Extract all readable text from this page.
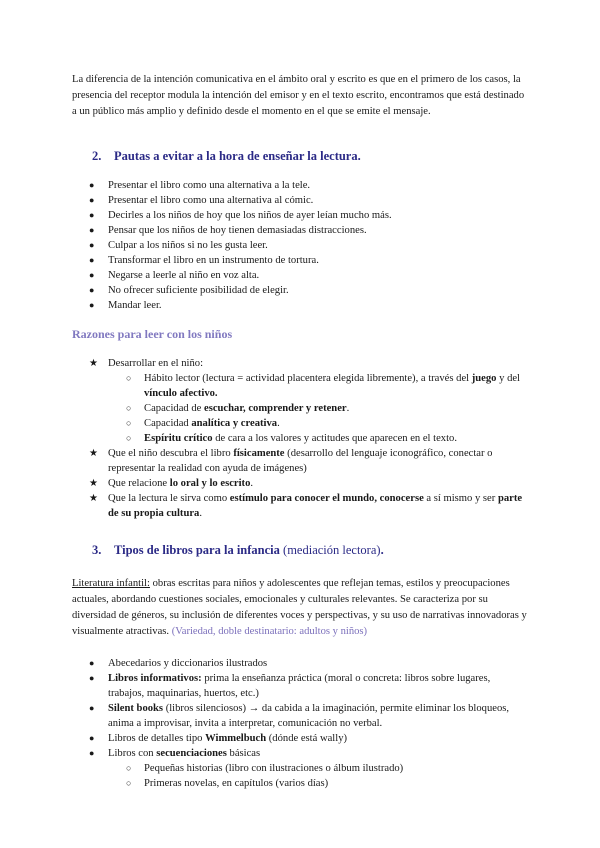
La diferencia de la intención comunicativa en el ámbito oral y escrito es que en el primero de los casos, la presencia del receptor modula la intención del emisor y en el texto escrito, encontramos que está destinado a un público más amplio y definido desde el momento en el que se emite el mensaje.

2. Pautas a evitar a la hora de enseñar la lectura.
● Presentar el libro como una alternativa a la tele.
● Presentar el libro como una alternativa al cómic.
● Decirles a los niños de hoy que los niños de ayer leían mucho más.
● Pensar que los niños de hoy tienen demasiadas distracciones.
● Culpar a los niños si no les gusta leer.
● Transformar el libro en un instrumento de tortura.
● Negarse a leerle al niño en voz alta.
● No ofrecer suficiente posibilidad de elegir.
● Mandar leer.
Razones para leer con los niños
★ Desarrollar en el niño:
○ Hábito lector (lectura = actividad placentera elegida libremente), a través del juego y del vínculo afectivo.
○ Capacidad de escuchar, comprender y retener.
○ Capacidad analítica y creativa.
○ Espíritu crítico de cara a los valores y actitudes que aparecen en el texto.
★ Que el niño descubra el libro físicamente (desarrollo del lenguaje iconográfico, conectar o representar la realidad con ayuda de imágenes)
★ Que relacione lo oral y lo escrito.
★ Que la lectura le sirva como estímulo para conocer el mundo, conocerse a sí mismo y ser parte de su propia cultura.
3. Tipos de libros para la infancia (mediación lectora).

Literatura infantil: obras escritas para niños y adolescentes que reflejan temas, estilos y preocupaciones actuales, abordando cuestiones sociales, emocionales y culturales relevantes. Se caracteriza por su diversidad de géneros, su inclusión de diferentes voces y perspectivas, y su uso de narrativas innovadoras y visualmente atractivas. (Variedad, doble destinatario: adultos y niños)

● Abecedarios y diccionarios ilustrados
● Libros informativos: prima la enseñanza práctica (moral o concreta: libros sobre lugares, trabajos, maquinarias, huertos, etc.)
● Silent books (libros silenciosos) → da cabida a la imaginación, permite eliminar los bloqueos, anima a improvisar, invita a interpretar, comunicación no verbal.
● Libros de detalles tipo Wimmelbuch (dónde está wally)
● Libros con secuenciaciones básicas
○ Pequeñas historias (libro con ilustraciones o álbum ilustrado)
○ Primeras novelas, en capítulos (varios días)
